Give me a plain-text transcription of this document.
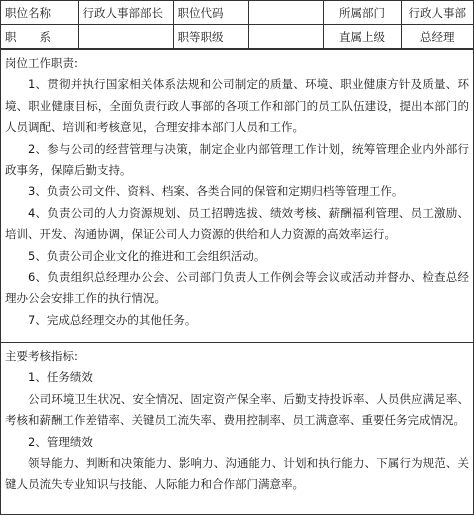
职位名称	行政人事部部长	职位代码		所属部门	行政人事部
职　　系		职等职级		直属上级	总经理

岗位工作职责:

1、贯彻并执行国家相关体系法规和公司制定的质量、环境、职业健康方针及质量、环境、职业健康目标，全面负责行政人事部的各项工作和部门的员工队伍建设，提出本部门的人员调配、培训和考核意见，合理安排本部门人员和工作。

2、参与公司的经营管理与决策，制定企业内部管理工作计划，统筹管理企业内外部行政事务，保障后勤支持。

3、负责公司文件、资料、档案、各类合同的保管和定期归档等管理工作。

4、负责公司的人力资源规划、员工招聘选拔、绩效考核、薪酬福利管理、员工激励、培训、开发、沟通协调，保证公司人力资源的供给和人力资源的高效率运行。

5、负责公司企业文化的推进和工会组织活动。

6、负责组织总经理办公会、公司部门负责人工作例会等会议或活动并督办、检查总经理办公会安排工作的执行情况。

7、完成总经理交办的其他任务。

主要考核指标:

1、任务绩效

公司环境卫生状况、安全情况、固定资产保全率、后勤支持投诉率、人员供应满足率、考核和薪酬工作差错率、关键员工流失率、费用控制率、员工满意率、重要任务完成情况。

2、管理绩效

领导能力、判断和决策能力、影响力、沟通能力、计划和执行能力、下属行为规范、关键人员流失专业知识与技能、人际能力和合作部门满意率。
